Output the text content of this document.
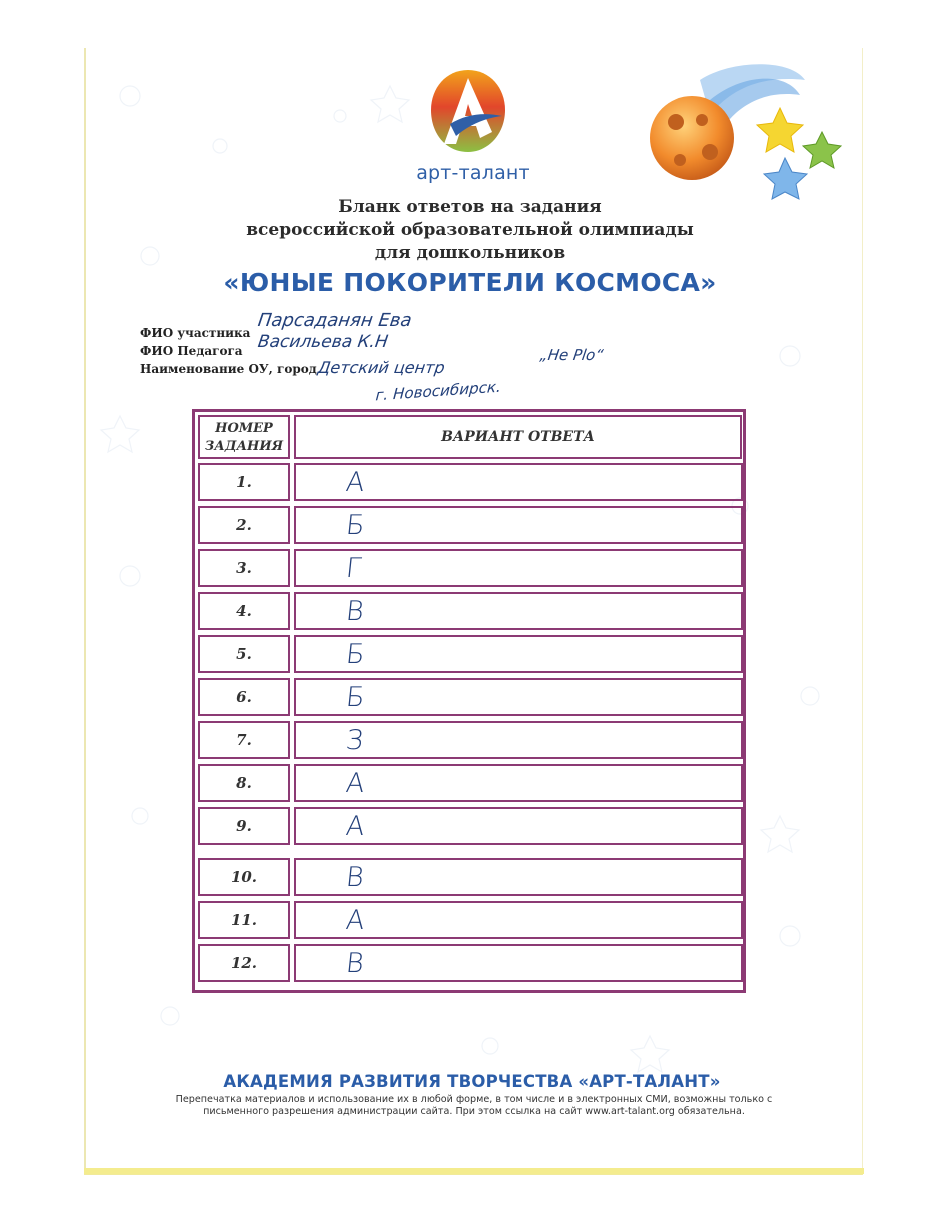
арт-талант
Бланк ответов на задания
всероссийской образовательной олимпиады
для дошкольников
«ЮНЫЕ ПОКОРИТЕЛИ КОСМОСА»
ФИО участника
Парсаданян Ева
ФИО Педагога Васильева К.Н
Наименование ОУ, город Детский центр
„Не Рlo“
г. Новосибирск.
НОМЕР
ЗАДАНИЯ
ВАРИАНТ ОТВЕТА
1.	А
2.	Б
3.	Г
4.	В
5.	Б
6.	Б
7.	З
8.	А
9.	А
10.	В
11.	А
12.	В
АКАДЕМИЯ РАЗВИТИЯ ТВОРЧЕСТВА «АРТ-ТАЛАНТ»
Перепечатка материалов и использование их в любой форме, в том числе и в электронных СМИ, возможны только с
письменного разрешения администрации сайта. При этом ссылка на сайт www.art-talant.org обязательна.
